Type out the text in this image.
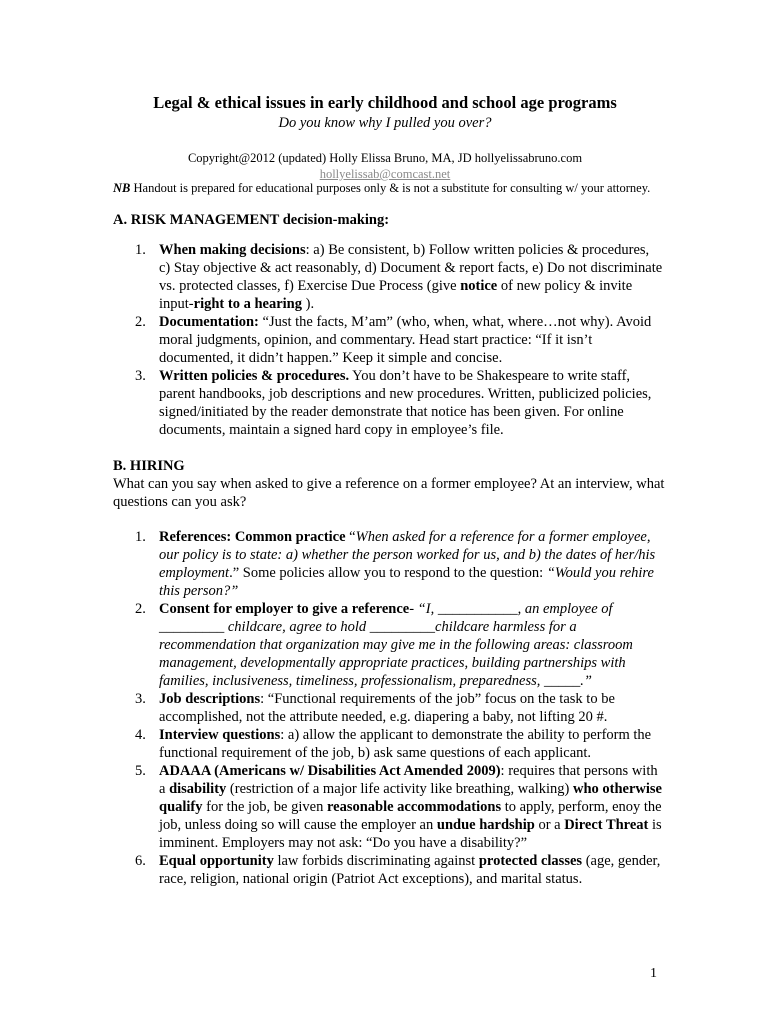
Legal & ethical issues in early childhood and school age programs
Do you know why I pulled you over?
Copyright@2012 (updated) Holly Elissa Bruno, MA, JD hollyelissabruno.com
hollyelissab@comcast.net
NB Handout is prepared for educational purposes only & is not a substitute for consulting w/ your attorney.
A. RISK MANAGEMENT decision-making:
1. When making decisions: a) Be consistent, b) Follow written policies & procedures, c) Stay objective & act reasonably, d) Document & report facts, e) Do not discriminate vs. protected classes, f) Exercise Due Process (give notice of new policy & invite input-right to a hearing ).
2. Documentation: “Just the facts, M’am” (who, when, what, where…not why). Avoid moral judgments, opinion, and commentary. Head start practice: “If it isn’t documented, it didn’t happen.” Keep it simple and concise.
3. Written policies & procedures. You don’t have to be Shakespeare to write staff, parent handbooks, job descriptions and new procedures. Written, publicized policies, signed/initiated by the reader demonstrate that notice has been given. For online documents, maintain a signed hard copy in employee’s file.
B. HIRING
What can you say when asked to give a reference on a former employee? At an interview, what questions can you ask?
1. References: Common practice “When asked for a reference for a former employee, our policy is to state: a) whether the person worked for us, and b) the dates of her/his employment.” Some policies allow you to respond to the question: “Would you rehire this person?”
2. Consent for employer to give a reference- “I, ___________, an employee of _________ childcare, agree to hold _________childcare harmless for a recommendation that organization may give me in the following areas: classroom management, developmentally appropriate practices, building partnerships with families, inclusiveness, timeliness, professionalism, preparedness, _____.”
3. Job descriptions: “Functional requirements of the job” focus on the task to be accomplished, not the attribute needed, e.g. diapering a baby, not lifting 20 #.
4. Interview questions: a) allow the applicant to demonstrate the ability to perform the functional requirement of the job, b) ask same questions of each applicant.
5. ADAAA (Americans w/ Disabilities Act Amended 2009): requires that persons with a disability (restriction of a major life activity like breathing, walking) who otherwise qualify for the job, be given reasonable accommodations to apply, perform, enoy the job, unless doing so will cause the employer an undue hardship or a Direct Threat is imminent. Employers may not ask: “Do you have a disability?”
6. Equal opportunity law forbids discriminating against protected classes (age, gender, race, religion, national origin (Patriot Act exceptions), and marital status.
1
